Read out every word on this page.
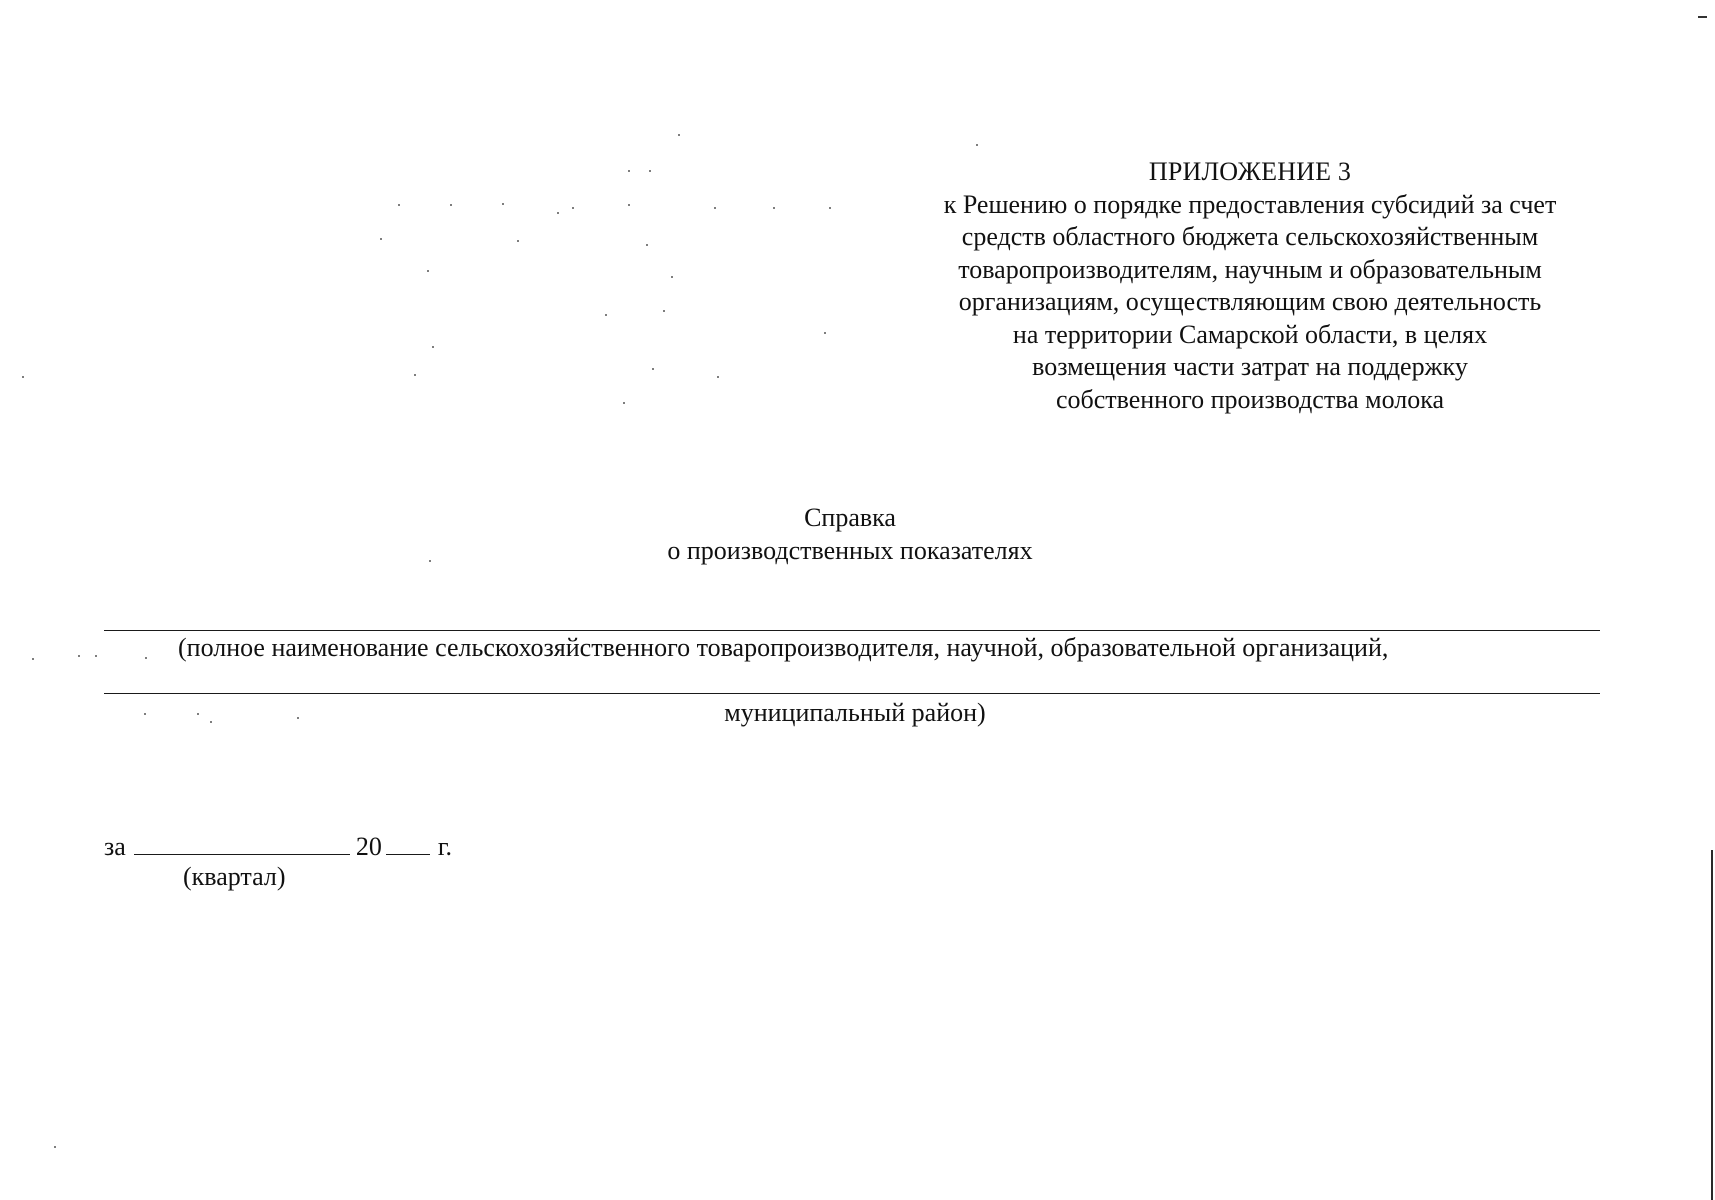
ПРИЛОЖЕНИЕ 3
к Решению о порядке предоставления субсидий за счет
средств областного бюджета сельскохозяйственным
товаропроизводителям, научным и образовательным
организациям, осуществляющим свою деятельность
на территории Самарской области, в целях
возмещения части затрат на поддержку
собственного производства молока
Справка
о производственных показателях
(полное наименование сельскохозяйственного товаропроизводителя, научной, образовательной организаций,
муниципальный район)
за	20 г.
(квартал)
